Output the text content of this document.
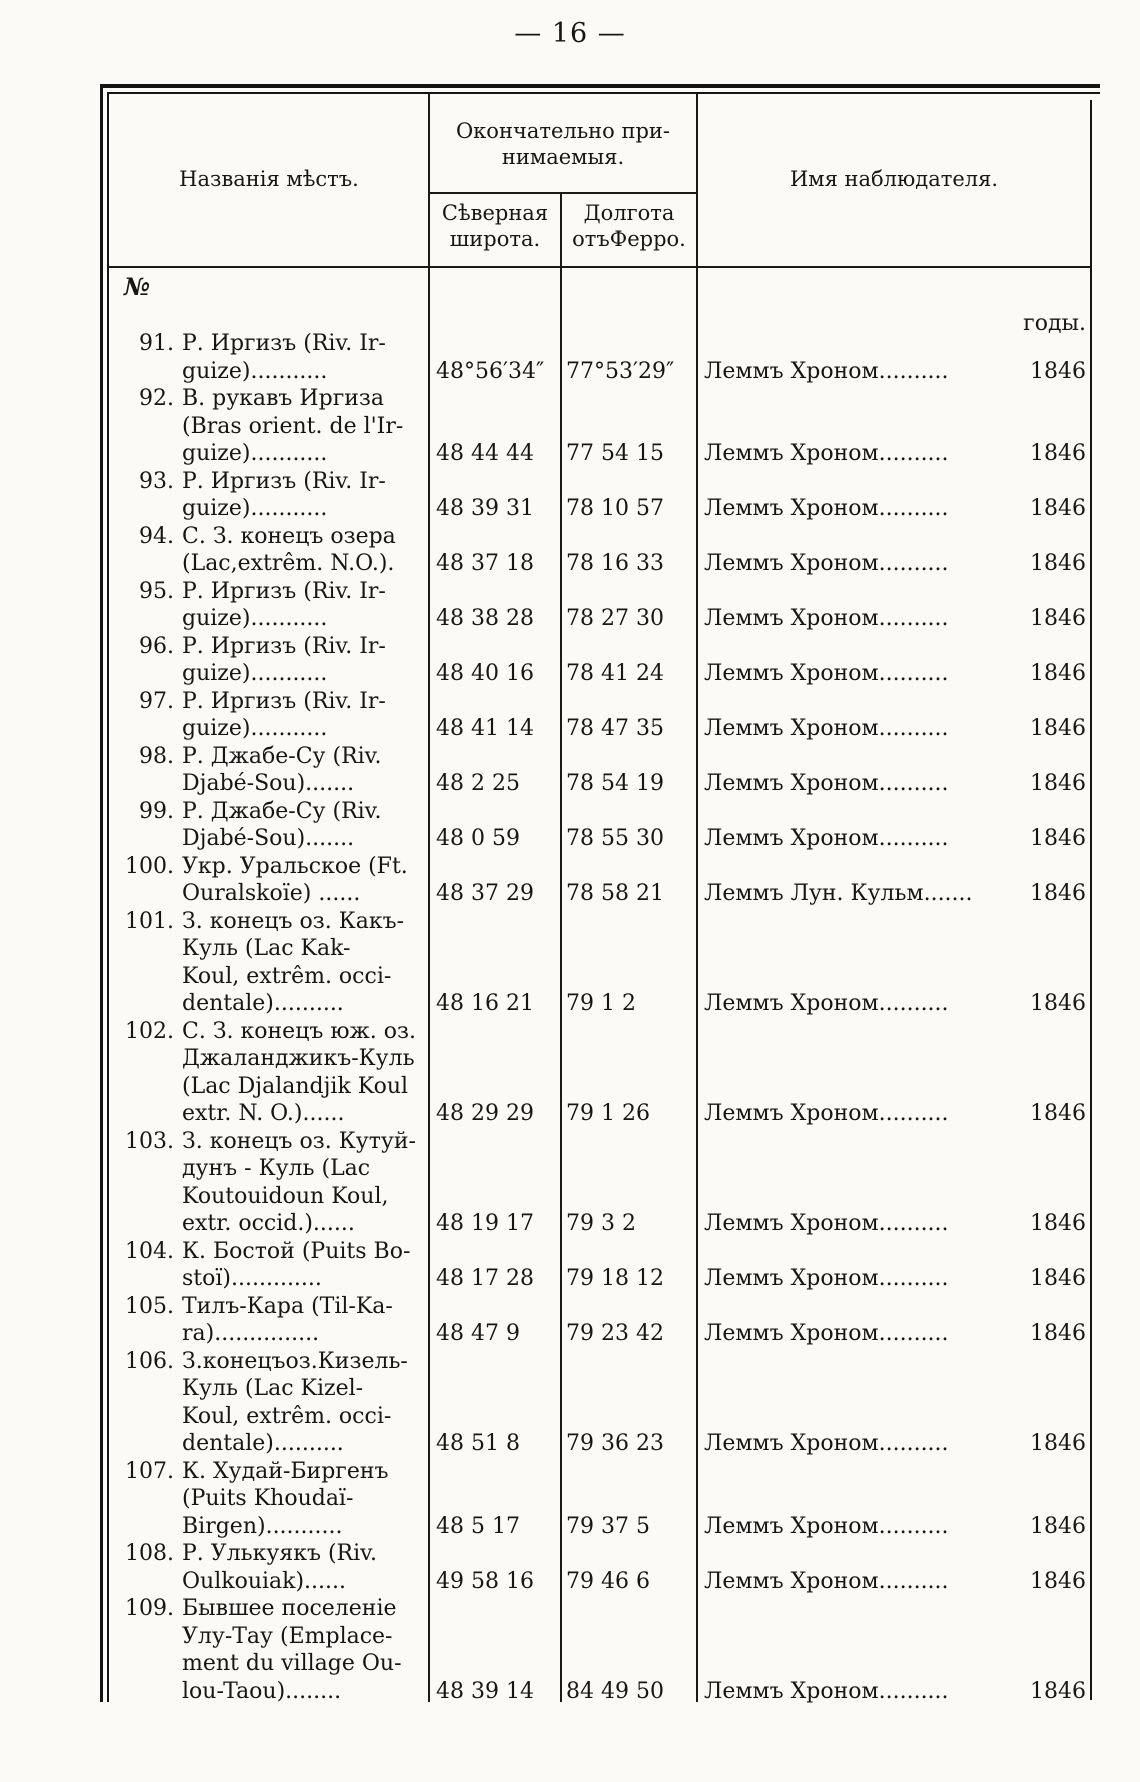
— 16 —
Названія мѣстъ.
Окончательно при-
нимаемыя.
Сѣверная
широта.
Долгота
отъФерро.
Имя наблюдателя.
№
годы.
91. Р. Иргизъ (Riv. Ir-
guize)...........	48°56′34″ 77°53′29″	Леммъ Хроном..........	1846
92. В. рукавъ Иргиза
(Bras orient. de l'Ir-
guize)...........	48 44 44	77 54 15	Леммъ Хроном..........	1846
93. Р. Иргизъ (Riv. Ir-
guize)...........	48 39 31	78 10 57	Леммъ Хроном..........	1846
94. С. З. конецъ озера
(Lac,extrêm. N.O.).	48 37 18	78 16 33	Леммъ Хроном..........	1846
95. Р. Иргизъ (Riv. Ir-
guize)...........	48 38 28	78 27 30	Леммъ Хроном..........	1846
96. Р. Иргизъ (Riv. Ir-
guize)...........	48 40 16	78 41 24	Леммъ Хроном..........	1846
97. Р. Иргизъ (Riv. Ir-
guize)...........	48 41 14	78 47 35	Леммъ Хроном..........	1846
98. Р. Джабе-Су (Riv.
Djabé-Sou).......	48 2 25	78 54 19	Леммъ Хроном..........	1846
99. Р. Джабе-Су (Riv.
Djabé-Sou).......	48 0 59	78 55 30	Леммъ Хроном..........	1846
100. Укр. Уральское (Ft.
Ouralskoïe) ......	48 37 29	78 58 21	Леммъ Лун. Кульм.......	1846
101. З. конецъ оз. Какъ-
Куль (Lac Kak-
Koul, extrêm. occi-
dentale)..........	48 16 21	79 1 2	Леммъ Хроном..........	1846
102. С. З. конецъ юж. оз.
Джаланджикъ-Куль
(Lac Djalandjik Koul
extr. N. O.)......	48 29 29	79 1 26	Леммъ Хроном..........	1846
103. З. конецъ оз. Кутуй-
дунъ - Куль (Lac
Koutouidoun Koul,
extr. occid.)......	48 19 17	79 3 2	Леммъ Хроном..........	1846
104. К. Бостой (Puits Bo-
stoï).............	48 17 28	79 18 12	Леммъ Хроном..........	1846
105. Тилъ-Кара (Til-Ka-
ra)...............	48 47 9	79 23 42	Леммъ Хроном..........	1846
106. З.конецъоз.Кизель-
Куль (Lac Kizel-
Koul, extrêm. occi-
dentale)..........	48 51 8	79 36 23	Леммъ Хроном..........	1846
107. К. Худай-Биргенъ
(Puits Khoudaï-
Birgen)...........	48 5 17	79 37 5	Леммъ Хроном..........	1846
108. Р. Улькуякъ (Riv.
Oulkouiak)......	49 58 16	79 46 6	Леммъ Хроном..........	1846
109. Бывшее поселеніе
Улу-Тау (Emplace-
ment du village Ou-
lou-Taou)........	48 39 14	84 49 50	Леммъ Хроном..........	1846
